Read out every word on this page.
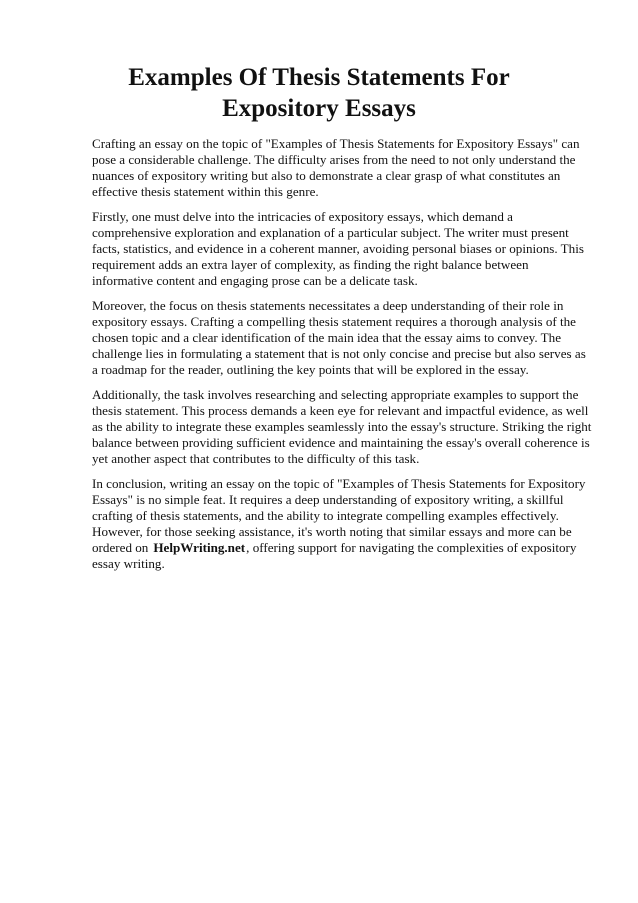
Examples Of Thesis Statements For
Expository Essays

Crafting an essay on the topic of "Examples of Thesis Statements for Expository Essays" can pose a considerable challenge. The difficulty arises from the need to not only understand the nuances of expository writing but also to demonstrate a clear grasp of what constitutes an effective thesis statement within this genre.

Firstly, one must delve into the intricacies of expository essays, which demand a comprehensive exploration and explanation of a particular subject. The writer must present facts, statistics, and evidence in a coherent manner, avoiding personal biases or opinions. This requirement adds an extra layer of complexity, as finding the right balance between informative content and engaging prose can be a delicate task.

Moreover, the focus on thesis statements necessitates a deep understanding of their role in expository essays. Crafting a compelling thesis statement requires a thorough analysis of the chosen topic and a clear identification of the main idea that the essay aims to convey. The challenge lies in formulating a statement that is not only concise and precise but also serves as a roadmap for the reader, outlining the key points that will be explored in the essay.

Additionally, the task involves researching and selecting appropriate examples to support the thesis statement. This process demands a keen eye for relevant and impactful evidence, as well as the ability to integrate these examples seamlessly into the essay's structure. Striking the right balance between providing sufficient evidence and maintaining the essay's overall coherence is yet another aspect that contributes to the difficulty of this task.

In conclusion, writing an essay on the topic of "Examples of Thesis Statements for Expository Essays" is no simple feat. It requires a deep understanding of expository writing, a skillful crafting of thesis statements, and the ability to integrate compelling examples effectively. However, for those seeking assistance, it's worth noting that similar essays and more can be ordered on HelpWriting.net, offering support for navigating the complexities of expository essay writing.
